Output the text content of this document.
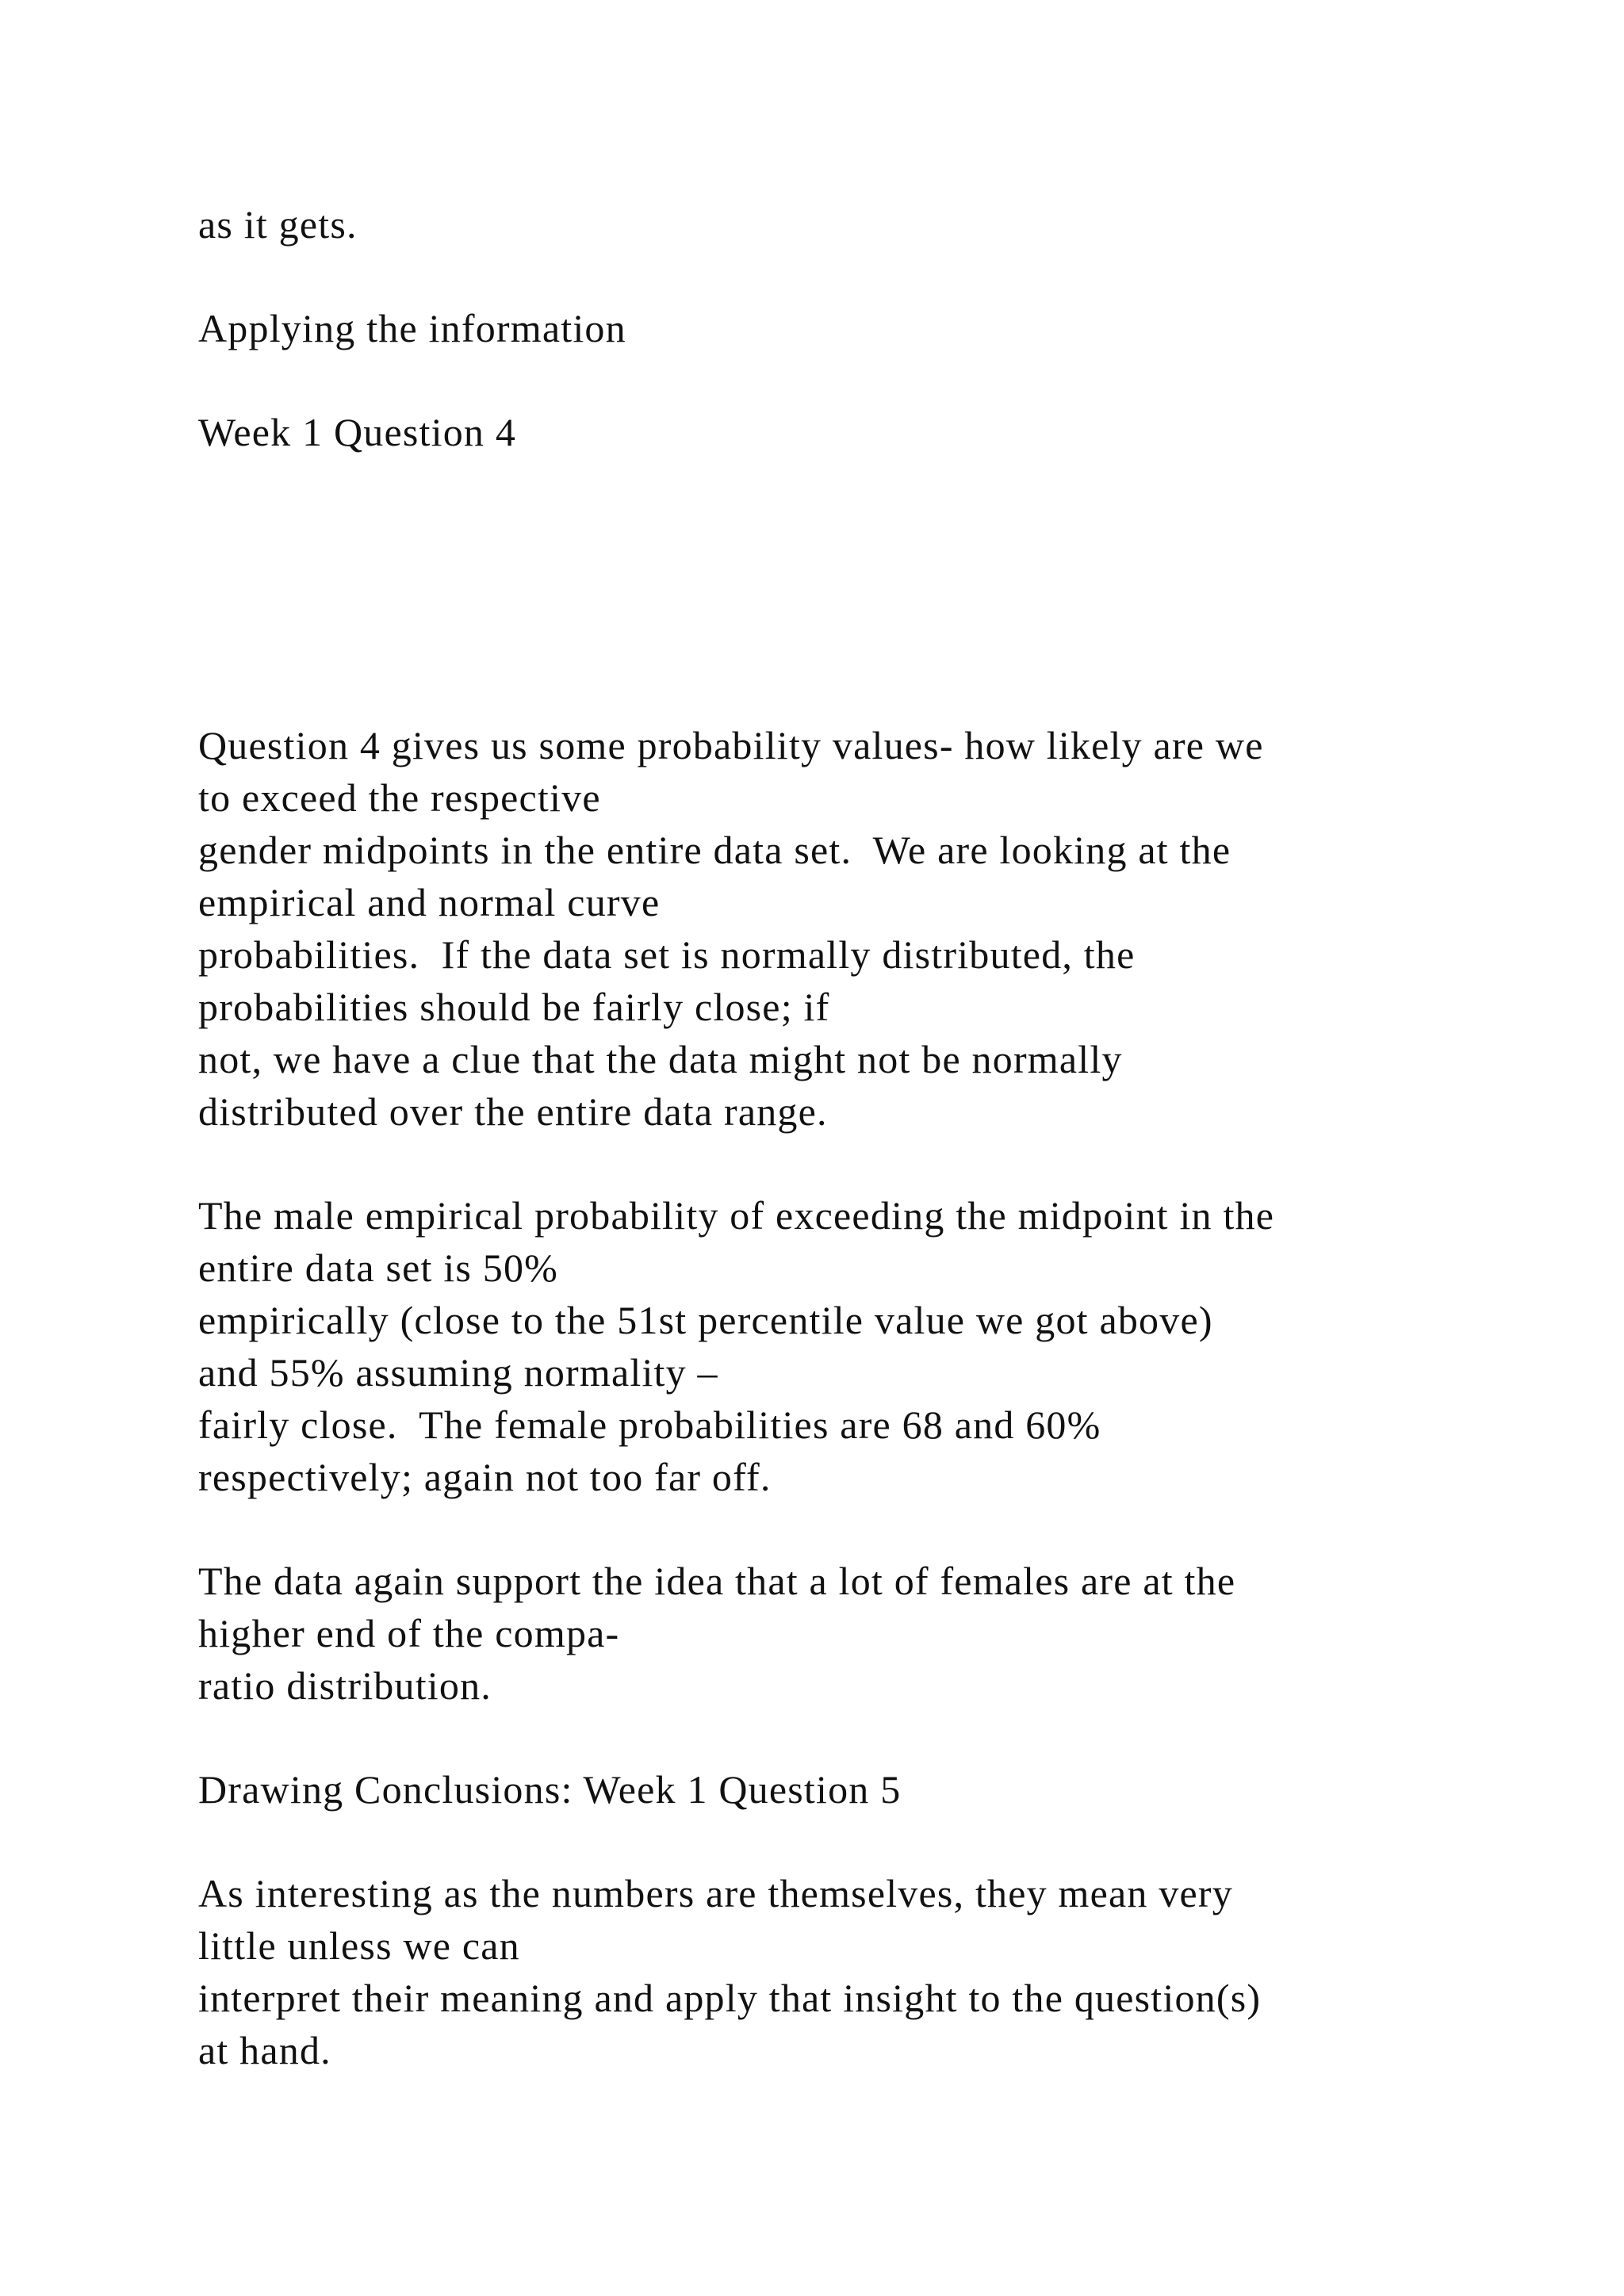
as it gets.

Applying the information

Week 1 Question 4

Question 4 gives us some probability values- how likely are we

to exceed the respective

gender midpoints in the entire data set.  We are looking at the

empirical and normal curve

probabilities.  If the data set is normally distributed, the

probabilities should be fairly close; if

not, we have a clue that the data might not be normally

distributed over the entire data range.

The male empirical probability of exceeding the midpoint in the

entire data set is 50%

empirically (close to the 51st percentile value we got above)

and 55% assuming normality –

fairly close.  The female probabilities are 68 and 60%

respectively; again not too far off.

The data again support the idea that a lot of females are at the

higher end of the compa-

ratio distribution.

Drawing Conclusions: Week 1 Question 5

As interesting as the numbers are themselves, they mean very

little unless we can

interpret their meaning and apply that insight to the question(s)

at hand.
